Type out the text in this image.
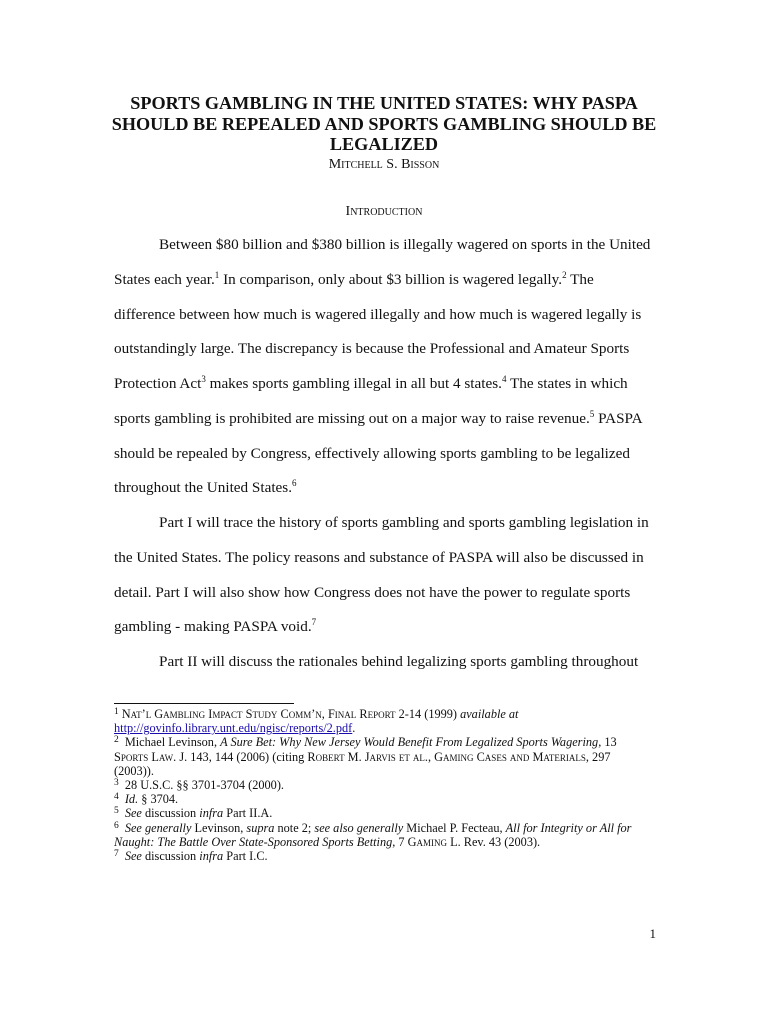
SPORTS GAMBLING IN THE UNITED STATES: WHY PASPA
SHOULD BE REPEALED AND SPORTS GAMBLING SHOULD BE
LEGALIZED
Mitchell S. Bisson
Introduction

Between $80 billion and $380 billion is illegally wagered on sports in the United
States each year.$^1$ In comparison, only about $3 billion is wagered legally.$^2$ The
difference between how much is wagered illegally and how much is wagered legally is
outstandingly large. The discrepancy is because the Professional and Amateur Sports
Protection Act$^3$ makes sports gambling illegal in all but 4 states.$^4$ The states in which
sports gambling is prohibited are missing out on a major way to raise revenue.$^5$ PASPA
should be repealed by Congress, effectively allowing sports gambling to be legalized
throughout the United States.$^6$

Part I will trace the history of sports gambling and sports gambling legislation in
the United States. The policy reasons and substance of PASPA will also be discussed in
detail. Part I will also show how Congress does not have the power to regulate sports
gambling - making PASPA void.$^7$

Part II will discuss the rationales behind legalizing sports gambling throughout

$^1$ Nat’l Gambling Impact Study Comm’n, Final Report 2-14 (1999) available at
http://govinfo.library.unt.edu/ngisc/reports/2.pdf.
$^2$ Michael Levinson, A Sure Bet: Why New Jersey Would Benefit From Legalized Sports Wagering, 13
Sports Law. J. 143, 144 (2006) (citing Robert M. Jarvis et al., Gaming Cases and Materials, 297
(2003)).
$^3$ 28 U.S.C. §§ 3701-3704 (2000).
$^4$ Id. § 3704.
$^5$ See discussion infra Part II.A.
$^6$ See generally Levinson, supra note 2; see also generally Michael P. Fecteau, All for Integrity or All for
Naught: The Battle Over State-Sponsored Sports Betting, 7 Gaming L. Rev. 43 (2003).
$^7$ See discussion infra Part I.C.
1
